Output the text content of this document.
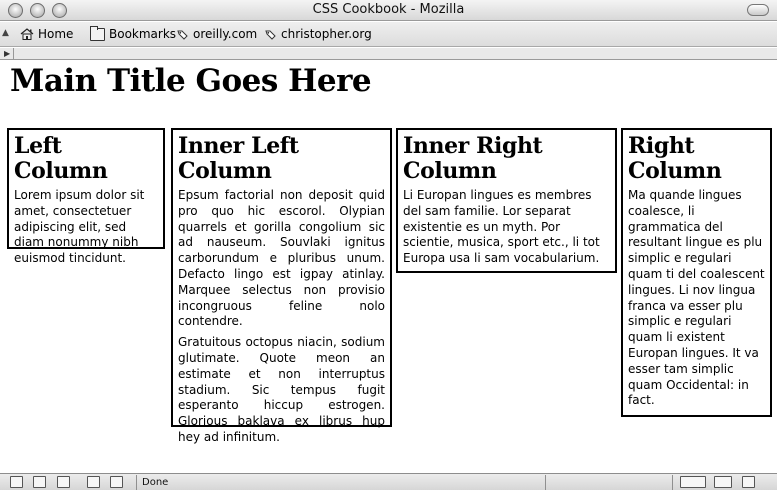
CSS Cookbook - Mozilla
▲ Home	Bookmarks oreilly.com christopher.org
▶
Main Title Goes Here
Left Column

Lorem ipsum dolor sit amet, consectetuer adipiscing elit, sed diam nonummy nibh euismod tincidunt.

Inner Left Column

Epsum factorial non deposit quid pro quo hic escorol. Olypian quarrels et gorilla congolium sic ad nauseum. Souvlaki ignitus carborundum e pluribus unum. Defacto lingo est igpay atinlay. Marquee selectus non provisio incongruous feline nolo contendre.

Gratuitous octopus niacin, sodium glutimate. Quote meon an estimate et non interruptus stadium. Sic tempus fugit esperanto hiccup estrogen. Glorious baklava ex librus hup hey ad infinitum.

Inner Right Column

Li Europan lingues es membres del sam familie. Lor separat existentie es un myth. Por scientie, musica, sport etc., li tot Europa usa li sam vocabularium.

Right Column

Ma quande lingues coalesce, li grammatica del resultant lingue es plu simplic e regulari quam ti del coalescent lingues. Li nov lingua franca va esser plu simplic e regulari quam li existent Europan lingues. It va esser tam simplic quam Occidental: in fact.

Done
